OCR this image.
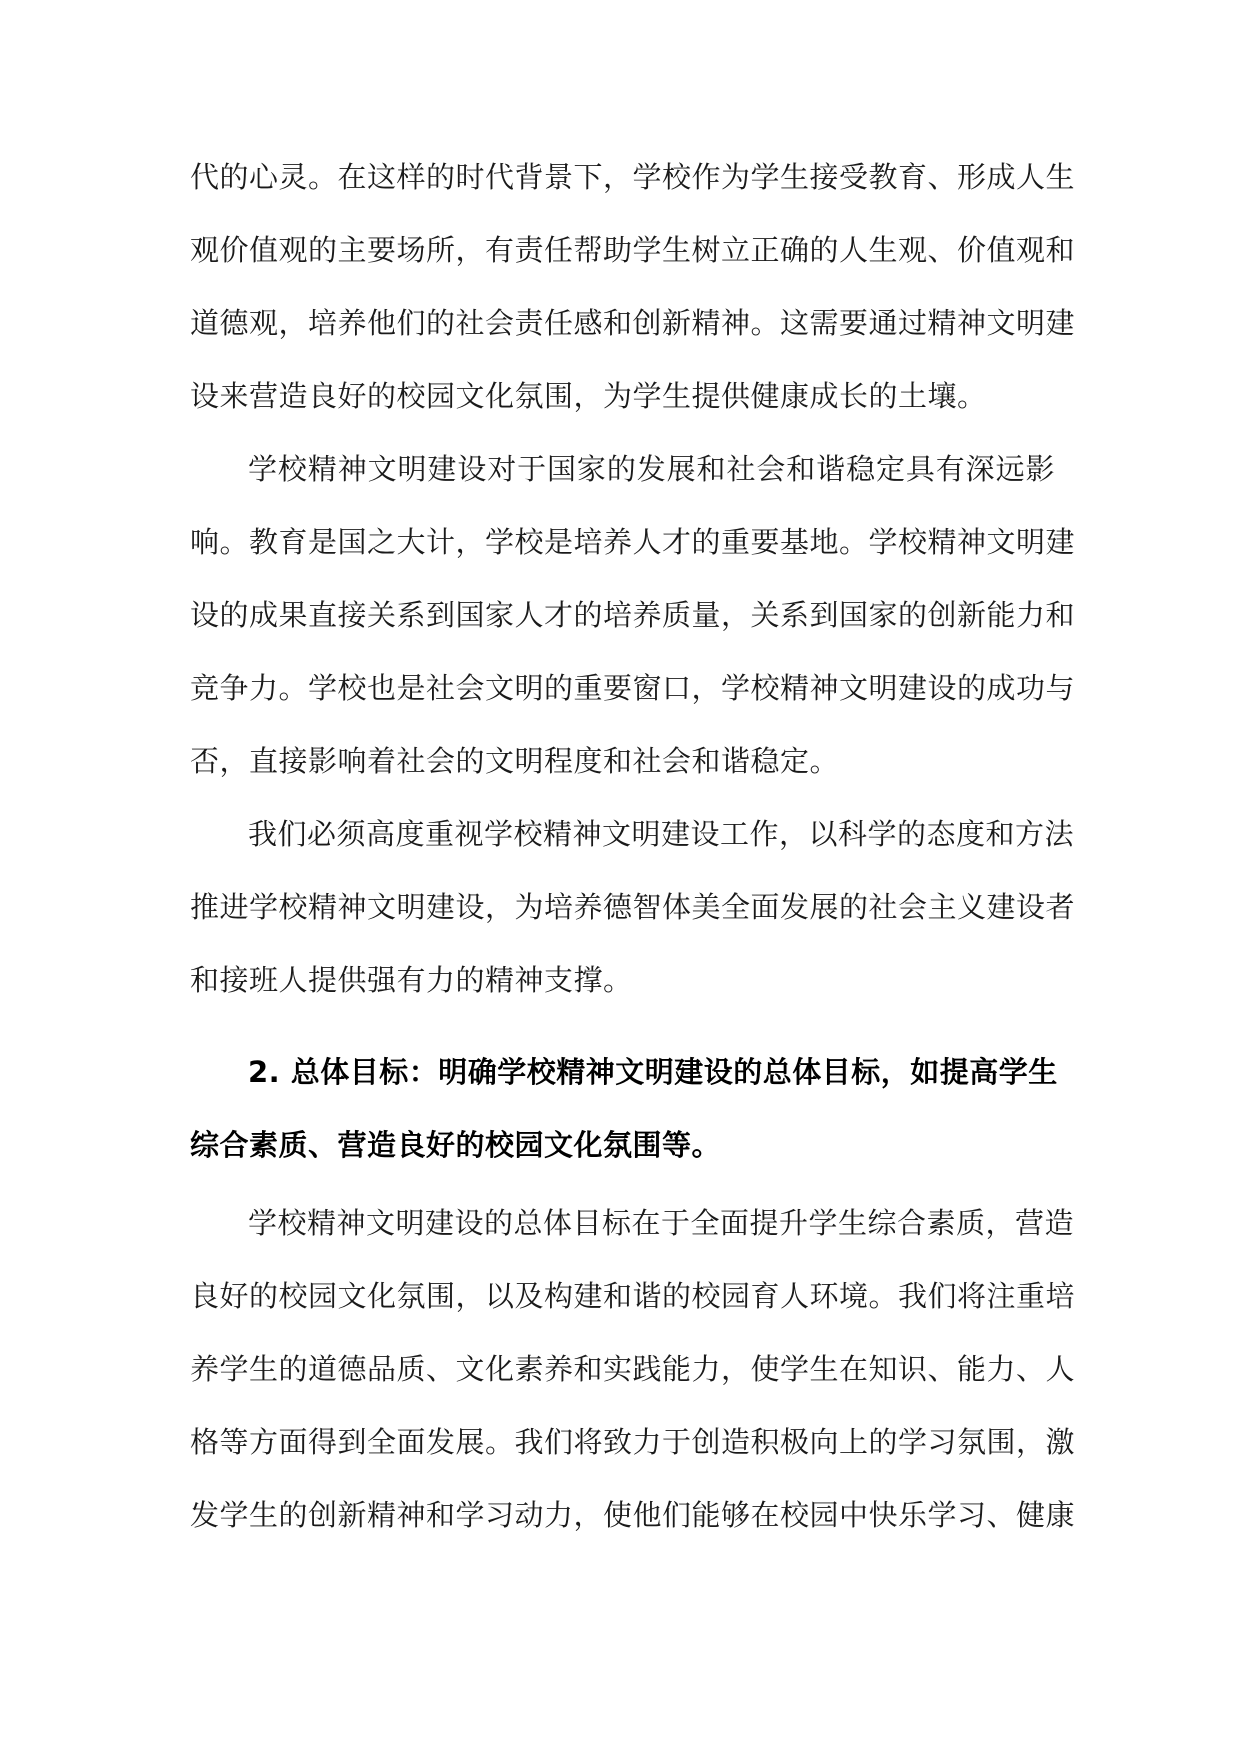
代的心灵。在这样的时代背景下，学校作为学生接受教育、形成人生
观价值观的主要场所，有责任帮助学生树立正确的人生观、价值观和
道德观，培养他们的社会责任感和创新精神。这需要通过精神文明建
设来营造良好的校园文化氛围，为学生提供健康成长的土壤。
学校精神文明建设对于国家的发展和社会和谐稳定具有深远影
响。教育是国之大计，学校是培养人才的重要基地。学校精神文明建
设的成果直接关系到国家人才的培养质量，关系到国家的创新能力和
竞争力。学校也是社会文明的重要窗口，学校精神文明建设的成功与
否，直接影响着社会的文明程度和社会和谐稳定。
我们必须高度重视学校精神文明建设工作，以科学的态度和方法
推进学校精神文明建设，为培养德智体美全面发展的社会主义建设者
和接班人提供强有力的精神支撑。
2. 总体目标：明确学校精神文明建设的总体目标，如提高学生
综合素质、营造良好的校园文化氛围等。
学校精神文明建设的总体目标在于全面提升学生综合素质，营造
良好的校园文化氛围，以及构建和谐的校园育人环境。我们将注重培
养学生的道德品质、文化素养和实践能力，使学生在知识、能力、人
格等方面得到全面发展。我们将致力于创造积极向上的学习氛围，激
发学生的创新精神和学习动力，使他们能够在校园中快乐学习、健康
